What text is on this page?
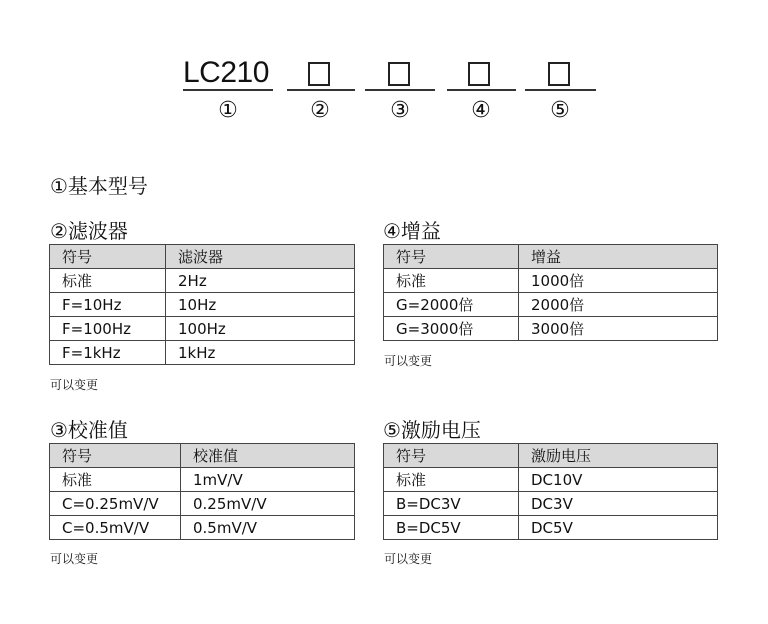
LC210
①	②	③	④	⑤
①基本型号
②滤波器
符号	滤波器
标准	2Hz
F=10Hz	10Hz
F=100Hz	100Hz
F=1kHz	1kHz
可以变更
④增益
符号	增益
标准	1000倍
G=2000倍	2000倍
G=3000倍	3000倍
可以变更
③校准值
符号	校准值
标准	1mV/V
C=0.25mV/V	0.25mV/V
C=0.5mV/V	0.5mV/V
可以变更
⑤激励电压
符号	激励电压
标准	DC10V
B=DC3V	DC3V
B=DC5V	DC5V
可以变更
